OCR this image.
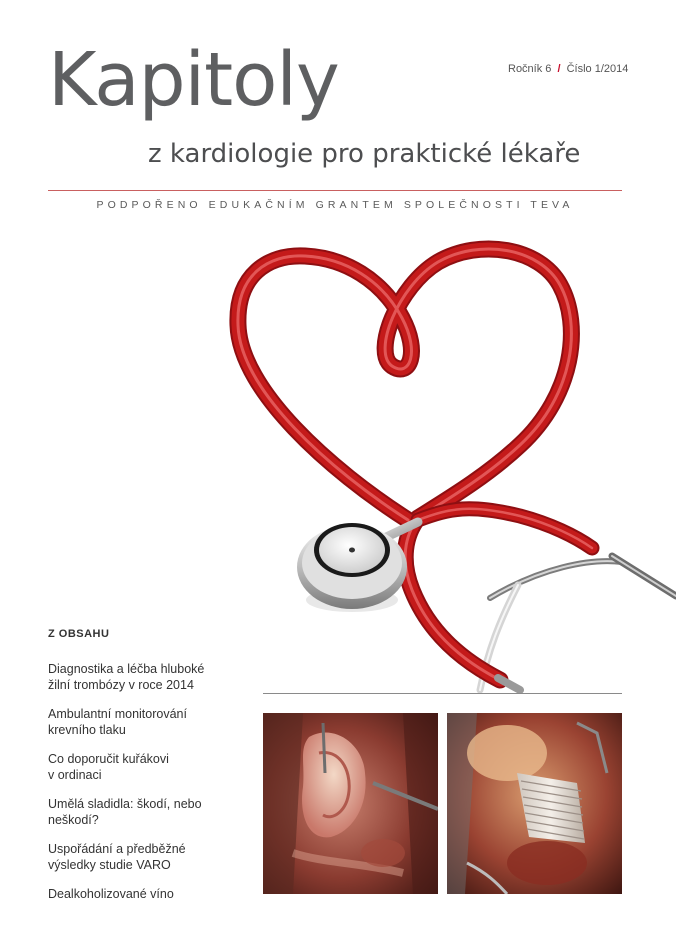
Kapitoly
z kardiologie pro praktické lékaře
Ročník 6 / Číslo 1/2014
PODPOŘENO EDUKAČNÍM GRANTEM SPOLEČNOSTI TEVA
Z OBSAHU
Diagnostika a léčba hluboké
žilní trombózy v roce 2014
Ambulantní monitorování
krevního tlaku
Co doporučit kuřákovi
v ordinaci
Umělá sladidla: škodí, nebo
neškodí?
Uspořádání a předběžné
výsledky studie VARO
Dealkoholizované víno
